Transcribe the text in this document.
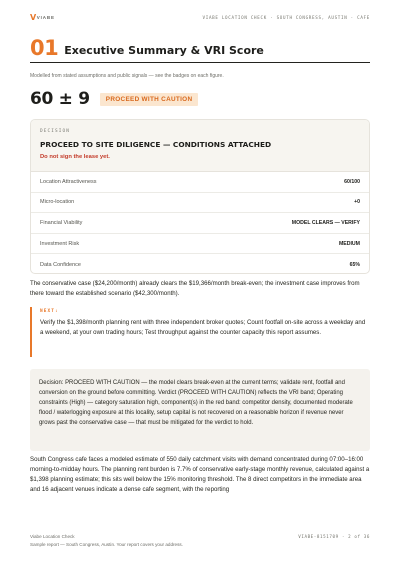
V VIABE	VIABE LOCATION CHECK · SOUTH CONGRESS, AUSTIN · CAFE
01 Executive Summary & VRI Score
Modelled from stated assumptions and public signals — see the badges on each figure.
60 ± 9	PROCEED WITH CAUTION
DECISION
PROCEED TO SITE DILIGENCE — CONDITIONS ATTACHED
Do not sign the lease yet.
Location Attractiveness	60/100
Micro-location	+0
Financial Viability	MODEL CLEARS — VERIFY
Investment Risk	MEDIUM
Data Confidence	65%

The conservative case ($24,200/month) already clears the $19,366/month break-even; the investment case improves from there toward the established scenario ($42,300/month).

NEXT:
Verify the $1,398/month planning rent with three independent broker quotes; Count footfall on-site across a weekday and a weekend, at your own trading hours; Test throughput against the counter capacity this report assumes.
Decision: PROCEED WITH CAUTION — the model clears break-even at the current terms; validate rent, footfall and conversion on the ground before committing. Verdict (PROCEED WITH CAUTION) reflects the VRI band; Operating constraints (High) — category saturation high, component(s) in the red band: competitor density, documented moderate flood / waterlogging exposure at this locality, setup capital is not recovered on a reasonable horizon if revenue never grows past the conservative case — that must be mitigated for the verdict to hold.

South Congress cafe faces a modeled estimate of 550 daily catchment visits with demand concentrated during 07:00–16:00 morning-to-midday hours. The planning rent burden is 7.7% of conservative early-stage monthly revenue, calculated against a $1,398 planning estimate; this sits well below the 15% monitoring threshold. The 8 direct competitors in the immediate area and 16 adjacent venues indicate a dense cafe segment, with the reporting

Viabe Location Check
Sample report — South Congress, Austin. Your report covers your address.
VIABE-8151709 · 2 of 36
